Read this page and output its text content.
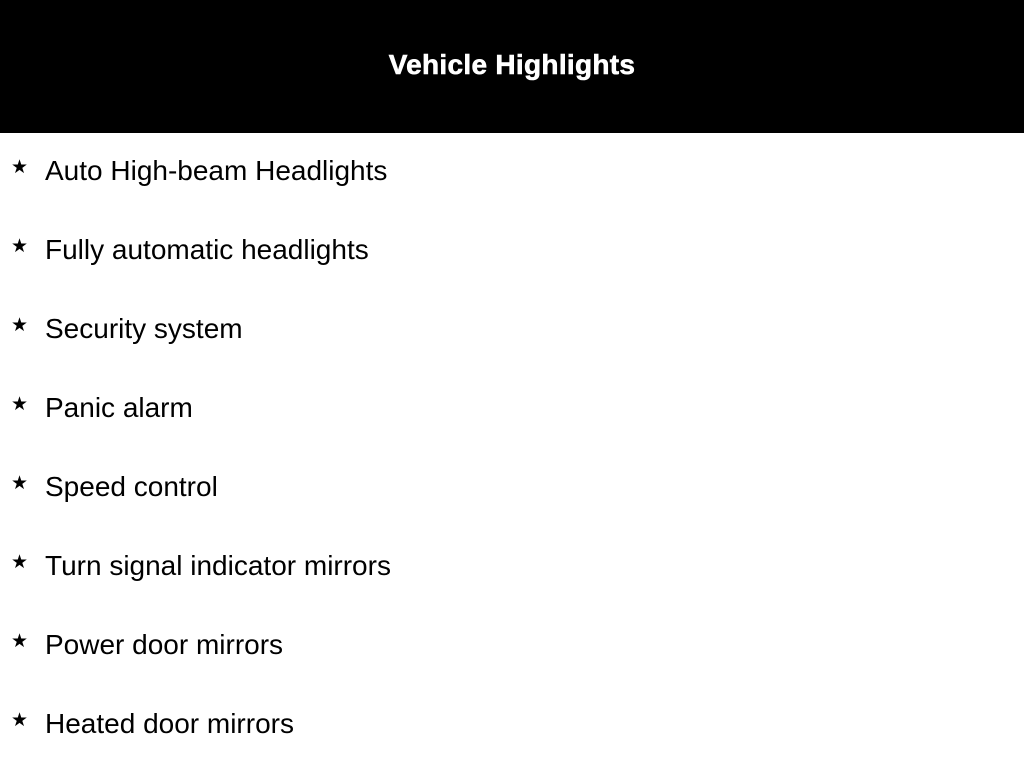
Vehicle Highlights
★ Auto High-beam Headlights
★ Fully automatic headlights
★ Security system
★ Panic alarm
★ Speed control
★ Turn signal indicator mirrors
★ Power door mirrors
★ Heated door mirrors
